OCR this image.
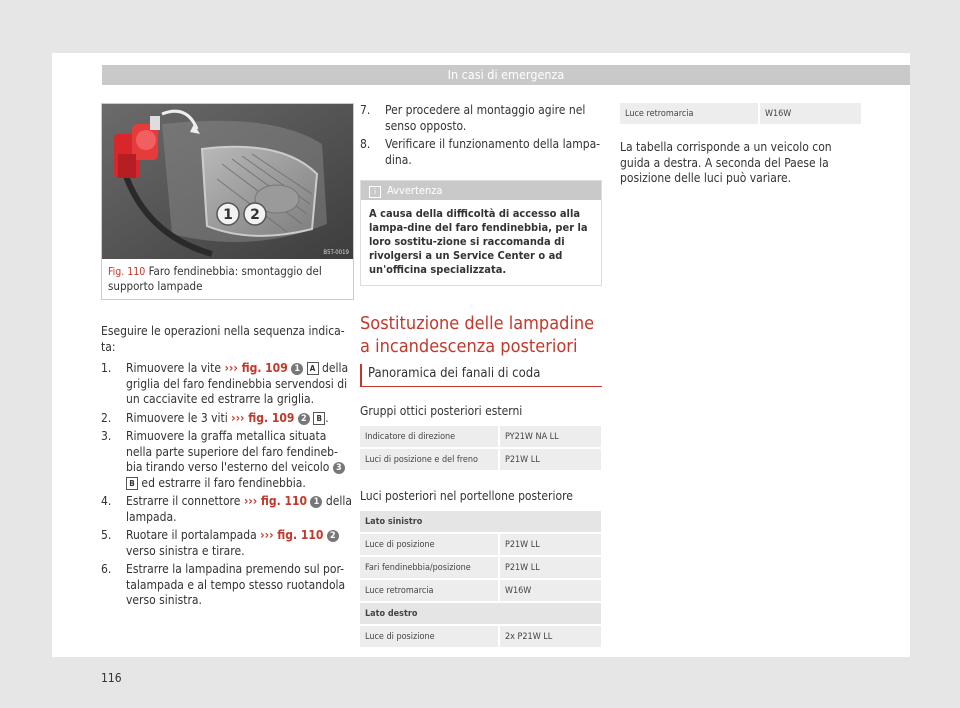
In casi di emergenza
1 2
B5T-0019
Fig. 110 Faro fendinebbia: smontaggio del supporto lampade

Eseguire le operazioni nella sequenza indica-ta:

1. Rimuovere la vite ››› fig. 109 1 A della griglia del faro fendinebbia servendosi di un cacciavite ed estrarre la griglia.
2. Rimuovere le 3 viti ››› fig. 109 2 B .
3. Rimuovere la graffa metallica situata nella parte superiore del faro fendineb-bia tirando verso l'esterno del veicolo 3 B ed estrarre il faro fendinebbia.
4. Estrarre il connettore ››› fig. 110 1 della lampada.
5. Ruotare il portalampada ››› fig. 110 2 verso sinistra e tirare.
6. Estrarre la lampadina premendo sul por-talampada e al tempo stesso ruotandola verso sinistra.
116
7. Per procedere al montaggio agire nel senso opposto.
8. Verificare il funzionamento della lampa-dina.
i Avvertenza
A causa della difficoltà di accesso alla lampa-dine del faro fendinebbia, per la loro sostitu-zione si raccomanda di rivolgersi a un Service Center o ad un'officina specializzata.
Sostituzione delle lampadine a incandescenza posteriori
Panoramica dei fanali di coda
Gruppi ottici posteriori esterni
Indicatore di direzione	PY21W NA LL
Luci di posizione e del freno	P21W LL
Luci posteriori nel portellone posteriore
Lato sinistro	
Luce di posizione	P21W LL
Fari fendinebbia/posizione	P21W LL
Luce retromarcia	W16W
Lato destro	
Luce di posizione	2x P21W LL
Luce retromarcia	W16W

La tabella corrisponde a un veicolo con guida a destra. A seconda del Paese la posizione delle luci può variare.
